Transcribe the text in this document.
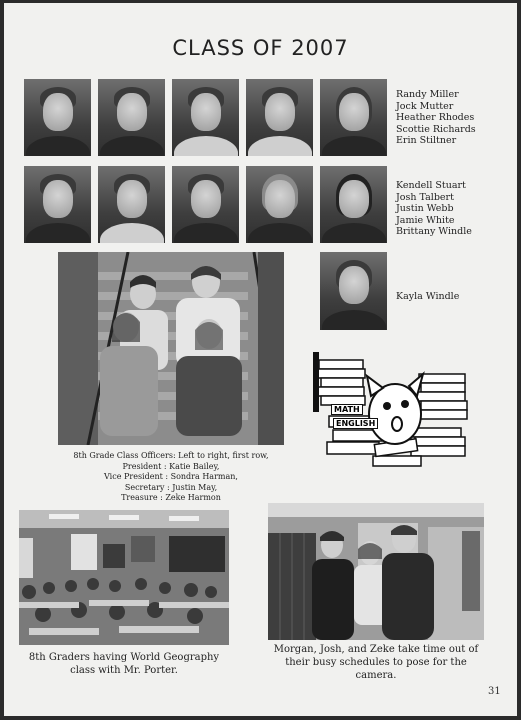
CLASS OF 2007
Randy Miller
Jock Mutter
Heather Rhodes
Scottie Richards
Erin Stiltner
Kendell Stuart
Josh Talbert
Justin Webb
Jamie White
Brittany Windle
Kayla Windle
8th Grade Class Officers: Left to right, first row,
President : Katie Bailey,
Vice President : Sondra Harman,
Secretary : Justin May,
Treasure : Zeke Harmon
MATH
ENGLISH
8th Graders having World Geography
class with Mr. Porter.
Morgan, Josh, and Zeke take time out of
their busy schedules to pose for the
camera.
31
